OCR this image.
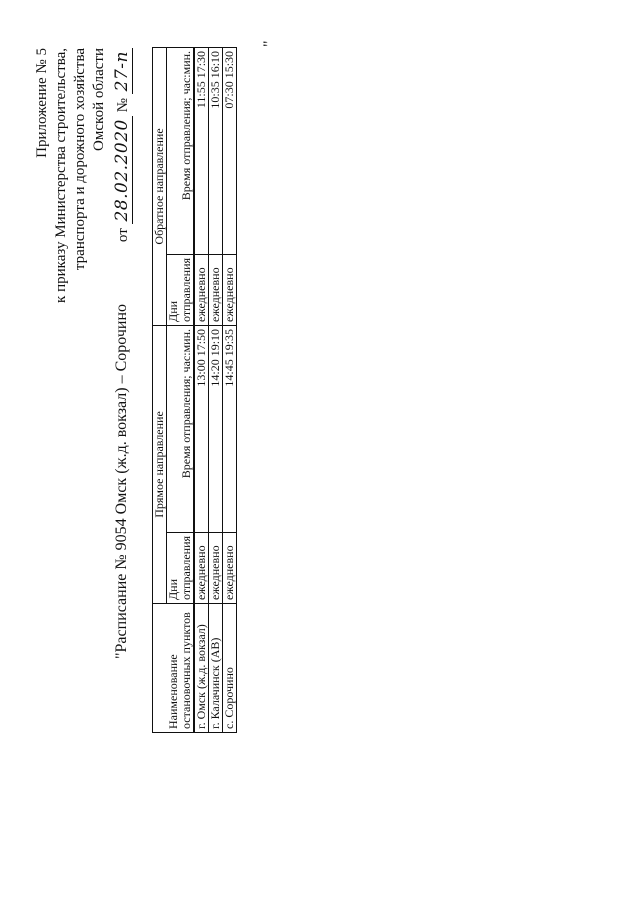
Приложение № 5 к приказу Министерства строительства, транспорта и дорожного хозяйства Омской области
от 28.02.2020 № 27-п
"Расписание № 9054 Омск (ж.д. вокзал) – Сорочино
Наименование остановочных пунктов	Прямое направление		Обратное направление	
	Дни отправления	Время отправления; час:мин.	Дни отправления	Время отправления; час:мин.
г. Омск (ж.д. вокзал)	ежедневно	13:00 17:50	ежедневно	11:55 17:30
г. Калачинск (АВ)	ежедневно	14:20 19:10	ежедневно	10:35 16:10
с. Сорочино	ежедневно	14:45 19:35	ежедневно	07:30 15:30
"
